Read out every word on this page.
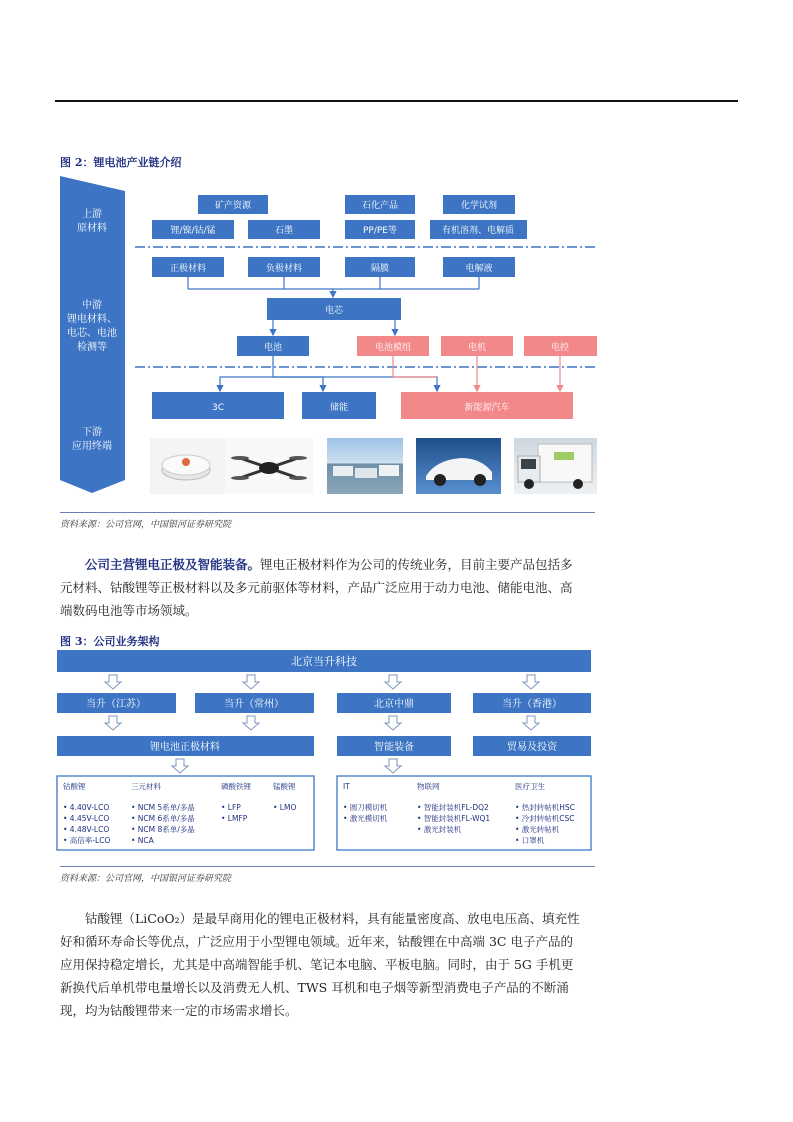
图 2：锂电池产业链介绍
上游
原材料
中游
锂电材料、
电芯、电池
检测等
下游
应用终端
矿产资源	石化产品	化学试剂
锂/镍/钴/锰	石墨	PP/PE等	有机溶剂、电解质
正极材料	负极材料	隔膜	电解液
电芯
电池	电池模组	电机	电控
3C	储能	新能源汽车
资料来源：公司官网，中国银河证券研究院
公司主营锂电正极及智能装备。锂电正极材料作为公司的传统业务，目前主要产品包括多
元材料、钴酸锂等正极材料以及多元前驱体等材料，产品广泛应用于动力电池、储能电池、高
端数码电池等市场领域。
图 3：公司业务架构
北京当升科技
当升（江苏）	当升（常州）	北京中鼎	当升（香港）
锂电池正极材料	智能装备	贸易及投资
钴酸锂
• 4.40V-LCO
• 4.45V-LCO
• 4.48V-LCO
• 高倍率-LCO
三元材料
• NCM 5系单/多晶
• NCM 6系单/多晶
• NCM 8系单/多晶
• NCA
磷酸铁锂
• LFP
• LMFP
锰酸锂
• LMO
IT
• 圆刀模切机
• 激光模切机
物联网
• 智能封装机FL-DQ2
• 智能封装机FL-WQ1
• 激光封装机
医疗卫生
• 热封转帖机HSC
• 冷封转帖机CSC
• 激光转帖机
• 口罩机
资料来源：公司官网，中国银河证券研究院
钴酸锂（LiCoO₂）是最早商用化的锂电正极材料，具有能量密度高、放电电压高、填充性
好和循环寿命长等优点，广泛应用于小型锂电领域。近年来，钴酸锂在中高端 3C 电子产品的
应用保持稳定增长，尤其是中高端智能手机、笔记本电脑、平板电脑。同时，由于 5G 手机更
新换代后单机带电量增长以及消费无人机、TWS 耳机和电子烟等新型消费电子产品的不断涌
现，均为钴酸锂带来一定的市场需求增长。
